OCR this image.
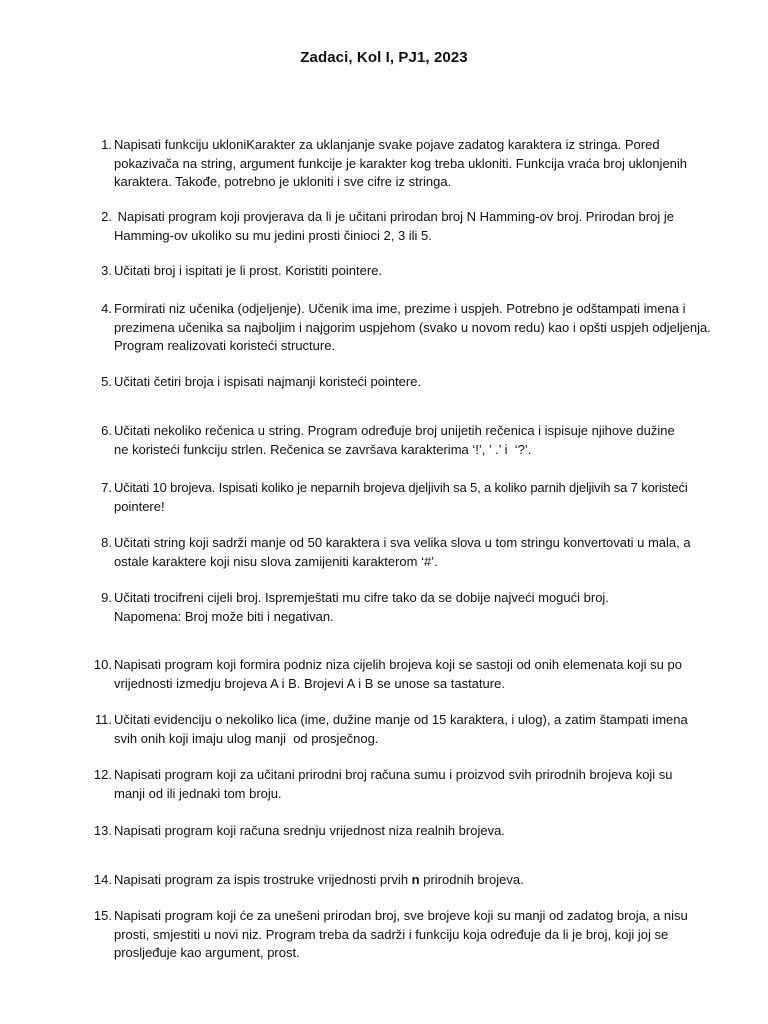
Zadaci, Kol I, PJ1, 2023
1. Napisati funkciju ukloniKarakter za uklanjanje svake pojave zadatog karaktera iz stringa. Pored
pokazivača na string, argument funkcije je karakter kog treba ukloniti. Funkcija vraća broj uklonjenih
karaktera. Takođe, potrebno je ukloniti i sve cifre iz stringa.
2. Napisati program koji provjerava da li je učitani prirodan broj N Hamming-ov broj. Prirodan broj je
Hamming-ov ukoliko su mu jedini prosti činioci 2, 3 ili 5.
3. Učitati broj i ispitati je li prost. Koristiti pointere.
4. Formirati niz učenika (odjeljenje). Učenik ima ime, prezime i uspjeh. Potrebno je odštampati imena i
prezimena učenika sa najboljim i najgorim uspjehom (svako u novom redu) kao i opšti uspjeh odjeljenja.
Program realizovati koristeći structure.
5. Učitati četiri broja i ispisati najmanji koristeći pointere.
6. Učitati nekoliko rečenica u string. Program određuje broj unijetih rečenica i ispisuje njihove dužine
ne koristeći funkciju strlen. Rečenica se završava karakterima ‘!’, ’ .’ i  ‘?’.
7. Učitati 10 brojeva. Ispisati koliko je neparnih brojeva djeljivih sa 5, a koliko parnih djeljivih sa 7 koristeći
pointere!
8. Učitati string koji sadrži manje od 50 karaktera i sva velika slova u tom stringu konvertovati u mala, a
ostale karaktere koji nisu slova zamijeniti karakterom ‘#’.
9. Učitati trocifreni cijeli broj. Ispremještati mu cifre tako da se dobije najveći mogući broj.
Napomena: Broj može biti i negativan.
10. Napisati program koji formira podniz niza cijelih brojeva koji se sastoji od onih elemenata koji su po
vrijednosti izmedju brojeva A i B. Brojevi A i B se unose sa tastature.
11. Učitati evidenciju o nekoliko lica (ime, dužine manje od 15 karaktera, i ulog), a zatim štampati imena
svih onih koji imaju ulog manji  od prosječnog.
12. Napisati program koji za učitani prirodni broj računa sumu i proizvod svih prirodnih brojeva koji su
manji od ili jednaki tom broju.
13. Napisati program koji računa srednju vrijednost niza realnih brojeva.
14. Napisati program za ispis trostruke vrijednosti prvih n prirodnih brojeva.
15. Napisati program koji će za unešeni prirodan broj, sve brojeve koji su manji od zadatog broja, a nisu
prosti, smjestiti u novi niz. Program treba da sadrži i funkciju koja određuje da li je broj, koji joj se
prosljeđuje kao argument, prost.
